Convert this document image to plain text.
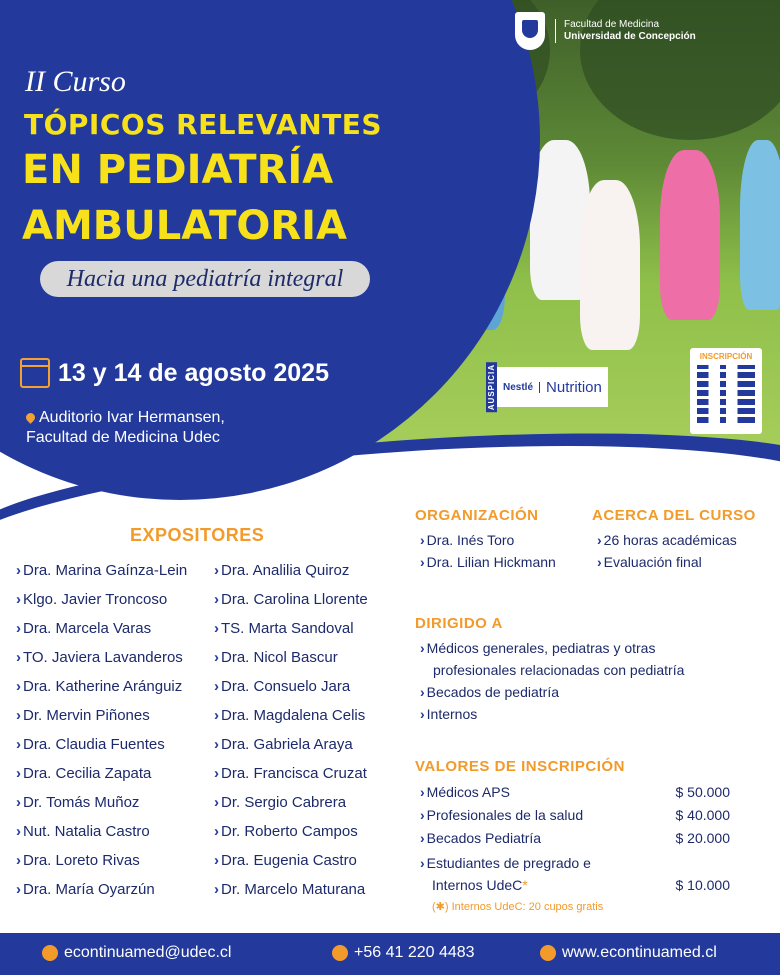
II Curso
TÓPICOS RELEVANTES
EN PEDIATRÍA
AMBULATORIA
Hacia una pediatría integral
13 y 14 de agosto 2025
Auditorio Ivar Hermansen,
Facultad de Medicina Udec
Facultad de Medicina
Universidad de Concepción
AUSPICIA Nestlé Nutrition
INSCRIPCIÓN
EXPOSITORES
› Dra. Marina Gaínza-Lein
› Klgo. Javier Troncoso
› Dra. Marcela Varas
› TO. Javiera Lavanderos
› Dra. Katherine Aránguiz
› Dr. Mervin Piñones
› Dra. Claudia Fuentes
› Dra. Cecilia Zapata
› Dr. Tomás Muñoz
› Nut. Natalia Castro
› Dra. Loreto Rivas
› Dra. María Oyarzún
› Dra. Analilia Quiroz
› Dra. Carolina Llorente
› TS. Marta Sandoval
› Dra. Nicol Bascur
› Dra. Consuelo Jara
› Dra. Magdalena Celis
› Dra. Gabriela Araya
› Dra. Francisca Cruzat
› Dr. Sergio Cabrera
› Dr. Roberto Campos
› Dra. Eugenia Castro
› Dr. Marcelo Maturana
ORGANIZACIÓN
› Dra. Inés Toro
› Dra. Lilian Hickmann
ACERCA DEL CURSO
› 26 horas académicas
› Evaluación final
DIRIGIDO A
› Médicos generales, pediatras y otras
profesionales relacionadas con pediatría
› Becados de pediatría
› Internos
VALORES DE INSCRIPCIÓN
› Médicos APS	$ 50.000
› Profesionales de la salud	$ 40.000
› Becados Pediatría	$ 20.000
› Estudiantes de pregrado e
Internos UdeC*	$ 10.000
(✱) Internos UdeC: 20 cupos gratis
econtinuamed@udec.cl	+56 41 220 4483	www.econtinuamed.cl
